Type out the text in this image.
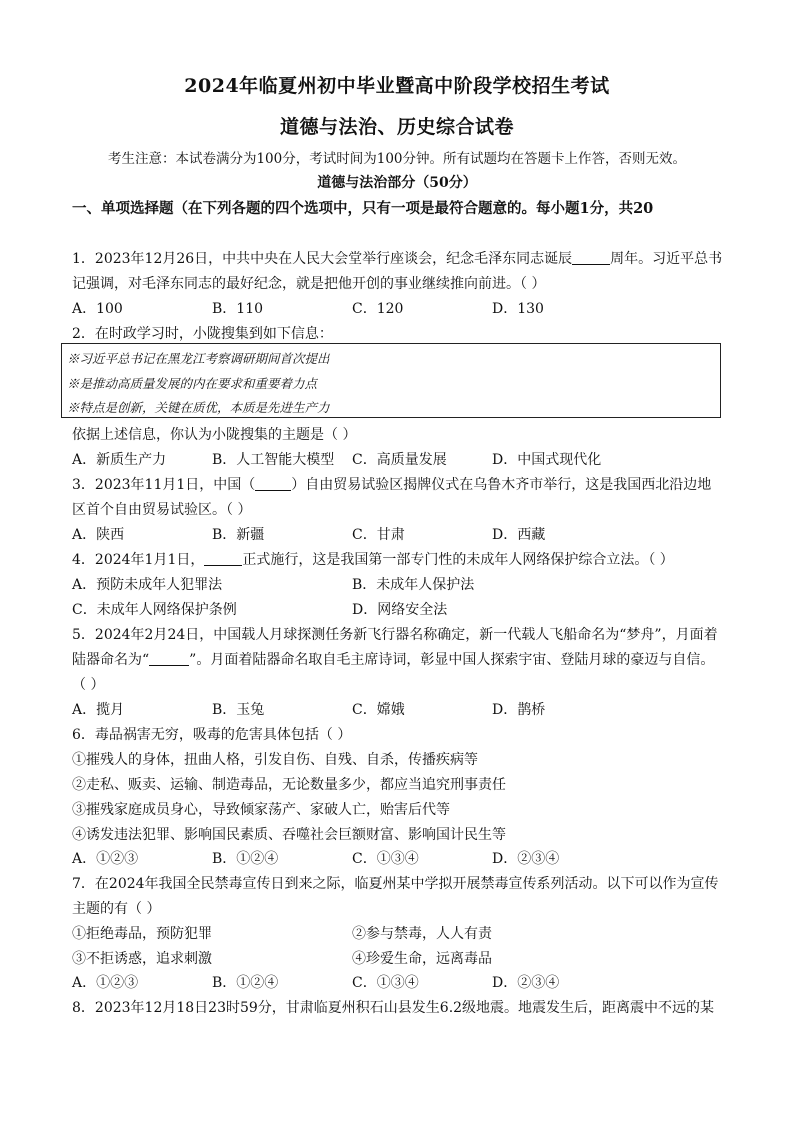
2024年临夏州初中毕业暨高中阶段学校招生考试
道德与法治、历史综合试卷
考生注意：本试卷满分为100分，考试时间为100分钟。所有试题均在答题卡上作答，否则无效。
道德与法治部分（50分）
一、单项选择题（在下列各题的四个选项中，只有一项是最符合题意的。每小题1分，共20
1．2023年12月26日，中共中央在人民大会堂举行座谈会，纪念毛泽东同志诞辰	周年。习近平总书
记强调，对毛泽东同志的最好纪念，就是把他开创的事业继续推向前进。（ ）
A．100	B．110	C．120	D．130
2．在时政学习时，小陇搜集到如下信息：
※习近平总书记在黑龙江考察调研期间首次提出
※是推动高质量发展的内在要求和重要着力点
※特点是创新，关键在质优，本质是先进生产力
依据上述信息，你认为小陇搜集的主题是（ ）
A．新质生产力	B．人工智能大模型 C．高质量发展	D．中国式现代化
3．2023年11月1日，中国（	）自由贸易试验区揭牌仪式在乌鲁木齐市举行，这是我国西北沿边地
区首个自由贸易试验区。（ ）
A．陕西	B．新疆	C．甘肃	D．西藏
4．2024年1月1日，	正式施行，这是我国第一部专门性的未成年人网络保护综合立法。（ ）
A．预防未成年人犯罪法	B．未成年人保护法
C．未成年人网络保护条例	D．网络安全法
5．2024年2月24日，中国载人月球探测任务新飞行器名称确定，新一代载人飞船命名为“梦舟”，月面着
陆器命名为“	”。月面着陆器命名取自毛主席诗词，彰显中国人探索宇宙、登陆月球的豪迈与自信。
（ ）
A．揽月	B．玉兔	C．嫦娥	D．鹊桥
6．毒品祸害无穷，吸毒的危害具体包括（ ）
①摧残人的身体，扭曲人格，引发自伤、自残、自杀，传播疾病等
②走私、贩卖、运输、制造毒品，无论数量多少，都应当追究刑事责任
③摧残家庭成员身心，导致倾家荡产、家破人亡，贻害后代等
④诱发违法犯罪、影响国民素质、吞噬社会巨额财富、影响国计民生等
A．①②③	B．①②④	C．①③④	D．②③④
7．在2024年我国全民禁毒宣传日到来之际，临夏州某中学拟开展禁毒宣传系列活动。以下可以作为宣传
主题的有（ ）
①拒绝毒品，预防犯罪	②参与禁毒，人人有责
③不拒诱惑，追求刺激	④珍爱生命，远离毒品
A．①②③	B．①②④	C．①③④	D．②③④
8．2023年12月18日23时59分，甘肃临夏州积石山县发生6.2级地震。地震发生后，距离震中不远的某
